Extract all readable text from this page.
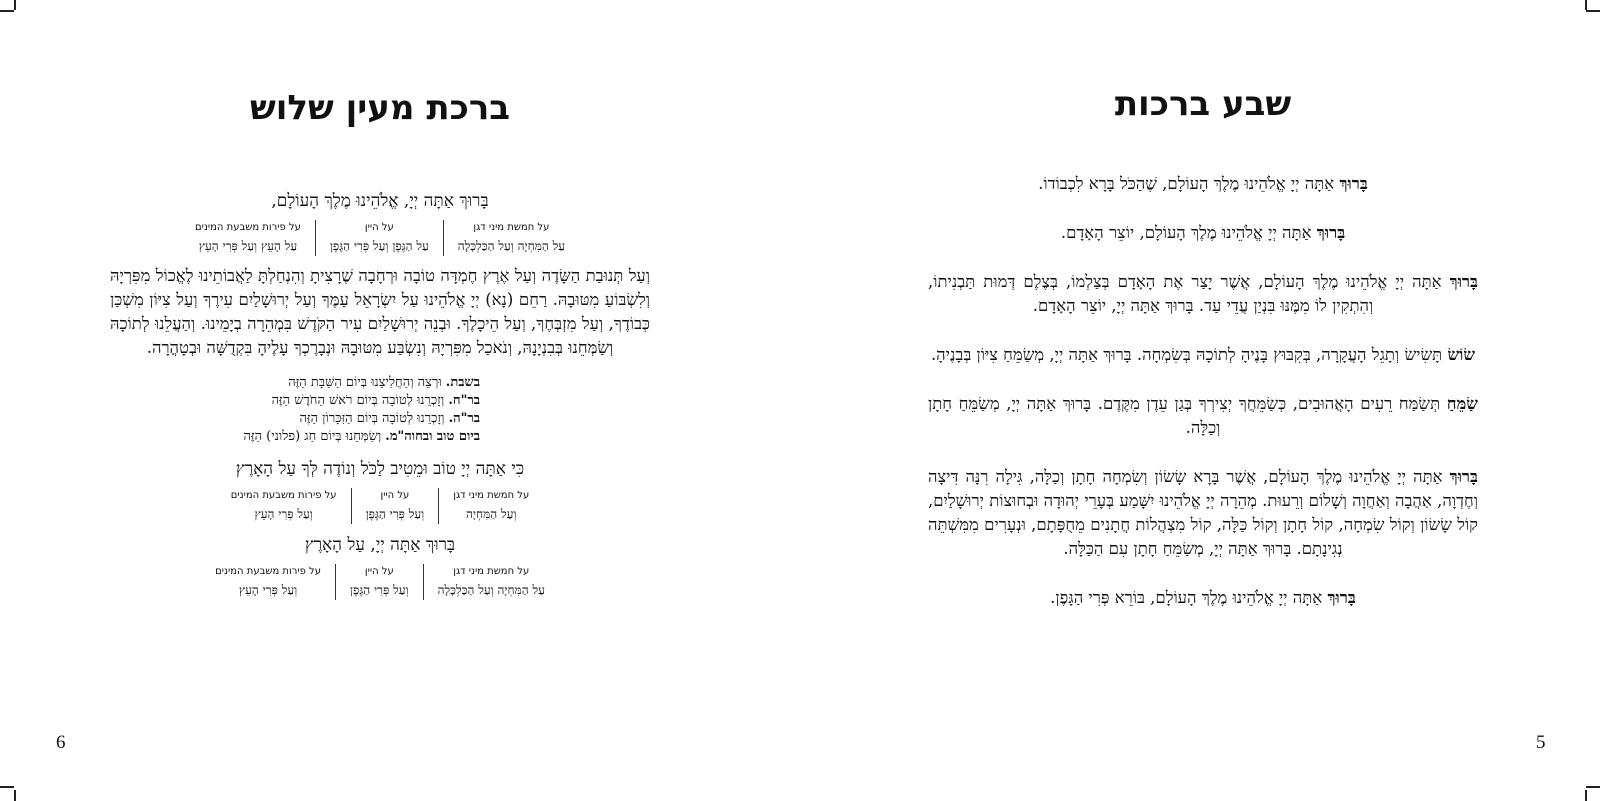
ברכת מעין שלוש

בָּרוּךְ אַתָּה יְיָ, אֱלֹהֵינוּ מֶלֶךְ הָעוֹלָם,

על חמשת מיני דגן
עַל הַמִּחְיָה וְעַל הַכַּלְכָּלָה
על היין
עַל הַגֶּפֶן וְעַל פְּרִי הַגֶּפֶן
על פירות משבעת המינים
עַל הָעֵץ וְעַל פְּרִי הָעֵץ

וְעַל תְּנוּבַת הַשָּׂדֶה וְעַל אֶרֶץ חֶמְדָּה טוֹבָה וּרְחָבָה שֶׁרָצִיתָ וְהִנְחַלְתָּ לַאֲבוֹתֵינוּ לֶאֱכוֹל מִפִּרְיָהּ וְלִשְׂבּוֹעַ מִטּוּבָהּ. רַחֵם (נָא) יְיָ אֱלֹהֵינוּ עַל יִשְׂרָאֵל עַמֶּךָ וְעַל יְרוּשָׁלַיִם עִירֶךָ וְעַל צִיּוֹן מִשְׁכַּן כְּבוֹדֶךָ, וְעַל מִזְבְּחֶךָ, וְעַל הֵיכָלֶךָ. וּבְנֵה יְרוּשָׁלַיִם עִיר הַקֹּדֶשׁ בִּמְהֵרָה בְיָמֵינוּ. וְהַעֲלֵנוּ לְתוֹכָהּ וְשַׂמְּחֵנוּ בְּבִנְיָנָהּ, וְנֹאכַל מִפִּרְיָהּ וְנִשְׂבַּע מִטּוּבָהּ וּנְבָרֶכְךָ עָלֶיהָ בִּקְדֻשָּׁה וּבְטָהֳרָה.

בשבת. וּרְצֵה וְהַחֲלִיצֵנוּ בְּיוֹם הַשַּׁבָּת הַזֶּה
בר"ח. וְזָכְרֵנוּ לְטוֹבָה בְּיוֹם רֹאשׁ הַחֹדֶשׁ הַזֶּה
בר"ה. וְזָכְרֵנוּ לְטוֹבָה בְּיוֹם הַזִּכָּרוֹן הַזֶּה
ביום טוב ובחוה"מ. וְשַׂמְּחֵנוּ בְּיוֹם חַג (פלוני) הַזֶּה

כִּי אַתָּה יְיָ טוֹב וּמֵטִיב לַכֹּל וְנוֹדֶה לְּךָ עַל הָאָרֶץ

על חמשת מיני דגן
וְעַל הַמִּחְיָה
על היין
וְעַל פְּרִי הַגֶּפֶן
על פירות משבעת המינים
וְעַל פְּרִי הָעֵץ

בָּרוּךְ אַתָּה יְיָ, עַל הָאָרֶץ

על חמשת מיני דגן
עַל הַמִּחְיָה וְעַל הַכַּלְכָּלָה
על היין
וְעַל פְּרִי הַגֶּפֶן
על פירות משבעת המינים
וְעַל פְּרִי הָעֵץ
6
שבע ברכות

בָּרוּךְ אַתָּה יְיָ אֱלֹהֵינוּ מֶלֶךְ הָעוֹלָם, שֶׁהַכֹּל בָּרָא לִכְבוֹדוֹ.

בָּרוּךְ אַתָּה יְיָ אֱלֹהֵינוּ מֶלֶךְ הָעוֹלָם, יוֹצֵר הָאָדָם.

בָּרוּךְ אַתָּה יְיָ אֱלֹהֵינוּ מֶלֶךְ הָעוֹלָם, אֲשֶׁר יָצַר אֶת הָאָדָם בְּצַלְמוֹ, בְּצֶלֶם דְּמוּת תַּבְנִיתוֹ, וְהִתְקִין לוֹ מִמֶּנּוּ בִּנְיַן עֲדֵי עַד. בָּרוּךְ אַתָּה יְיָ, יוֹצֵר הָאָדָם.

שׂוֹשׂ תָּשִׂישׂ וְתָגֵל הָעֲקָרָה, בְּקִבּוּץ בָּנֶיהָ לְתוֹכָהּ בְּשִׂמְחָה. בָּרוּךְ אַתָּה יְיָ, מְשַׂמֵּחַ צִיּוֹן בְּבָנֶיהָ.

שַׂמֵּחַ תְּשַׂמַּח רֵעִים הָאֲהוּבִים, כְּשַׂמֵּחֲךָ יְצִירְךָ בְּגַן עֵדֶן מִקֶּדֶם. בָּרוּךְ אַתָּה יְיָ, מְשַׂמֵּחַ חָתָן וְכַלָּה.

בָּרוּךְ אַתָּה יְיָ אֱלֹהֵינוּ מֶלֶךְ הָעוֹלָם, אֲשֶׁר בָּרָא שָׂשׂוֹן וְשִׂמְחָה חָתָן וְכַלָּה, גִּילָה רִנָּה דִּיצָה וְחֶדְוָה, אַהֲבָה וְאַחֲוָה וְשָׁלוֹם וְרֵעוּת. מְהֵרָה יְיָ אֱלֹהֵינוּ יִשָּׁמַע בְּעָרֵי יְהוּדָה וּבְחוּצוֹת יְרוּשָׁלַיִם, קוֹל שָׂשׂוֹן וְקוֹל שִׂמְחָה, קוֹל חָתָן וְקוֹל כַּלָּה, קוֹל מִצְהֲלוֹת חֲתָנִים מֵחֻפָּתָם, וּנְעָרִים מִמִּשְׁתֵּה נְגִינָתָם. בָּרוּךְ אַתָּה יְיָ, מְשַׂמֵּחַ חָתָן עִם הַכַּלָּה.

בָּרוּךְ אַתָּה יְיָ אֱלֹהֵינוּ מֶלֶךְ הָעוֹלָם, בּוֹרֵא פְּרִי הַגָּפֶן.

5
